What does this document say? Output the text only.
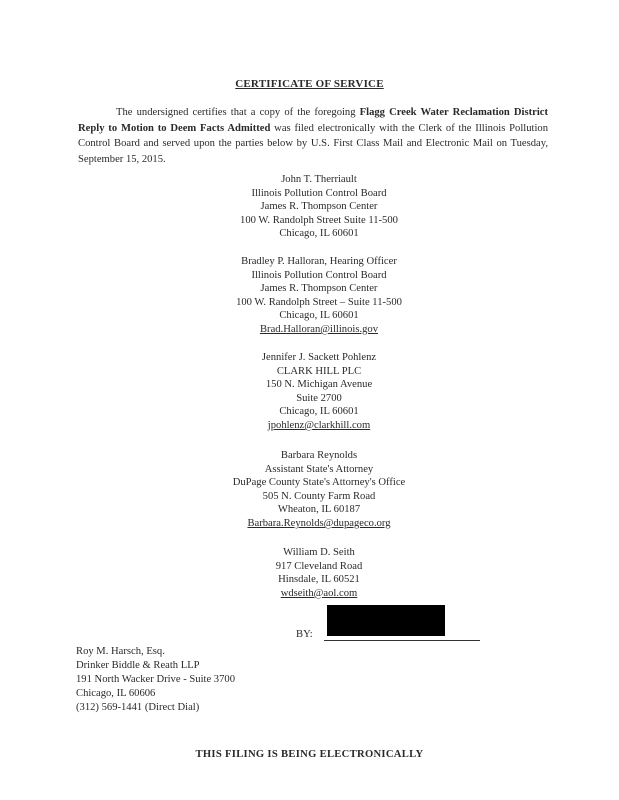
CERTIFICATE OF SERVICE
The undersigned certifies that a copy of the foregoing Flagg Creek Water Reclamation District Reply to Motion to Deem Facts Admitted was filed electronically with the Clerk of the Illinois Pollution Control Board and served upon the parties below by U.S. First Class Mail and Electronic Mail on Tuesday, September 15, 2015.
John T. Therriault
Illinois Pollution Control Board
James R. Thompson Center
100 W. Randolph Street Suite 11-500
Chicago, IL 60601
Bradley P. Halloran, Hearing Officer
Illinois Pollution Control Board
James R. Thompson Center
100 W. Randolph Street – Suite 11-500
Chicago, IL 60601
Brad.Halloran@illinois.gov
Jennifer J. Sackett Pohlenz
CLARK HILL PLC
150 N. Michigan Avenue
Suite 2700
Chicago, IL 60601
jpohlenz@clarkhill.com
Barbara Reynolds
Assistant State's Attorney
DuPage County State's Attorney's Office
505 N. County Farm Road
Wheaton, IL 60187
Barbara.Reynolds@dupageco.org
William D. Seith
917 Cleveland Road
Hinsdale, IL 60521
wdseith@aol.com
BY:
Roy M. Harsch, Esq.
Drinker Biddle & Reath LLP
191 North Wacker Drive - Suite 3700
Chicago, IL 60606
(312) 569-1441 (Direct Dial)
THIS FILING IS BEING ELECTRONICALLY
